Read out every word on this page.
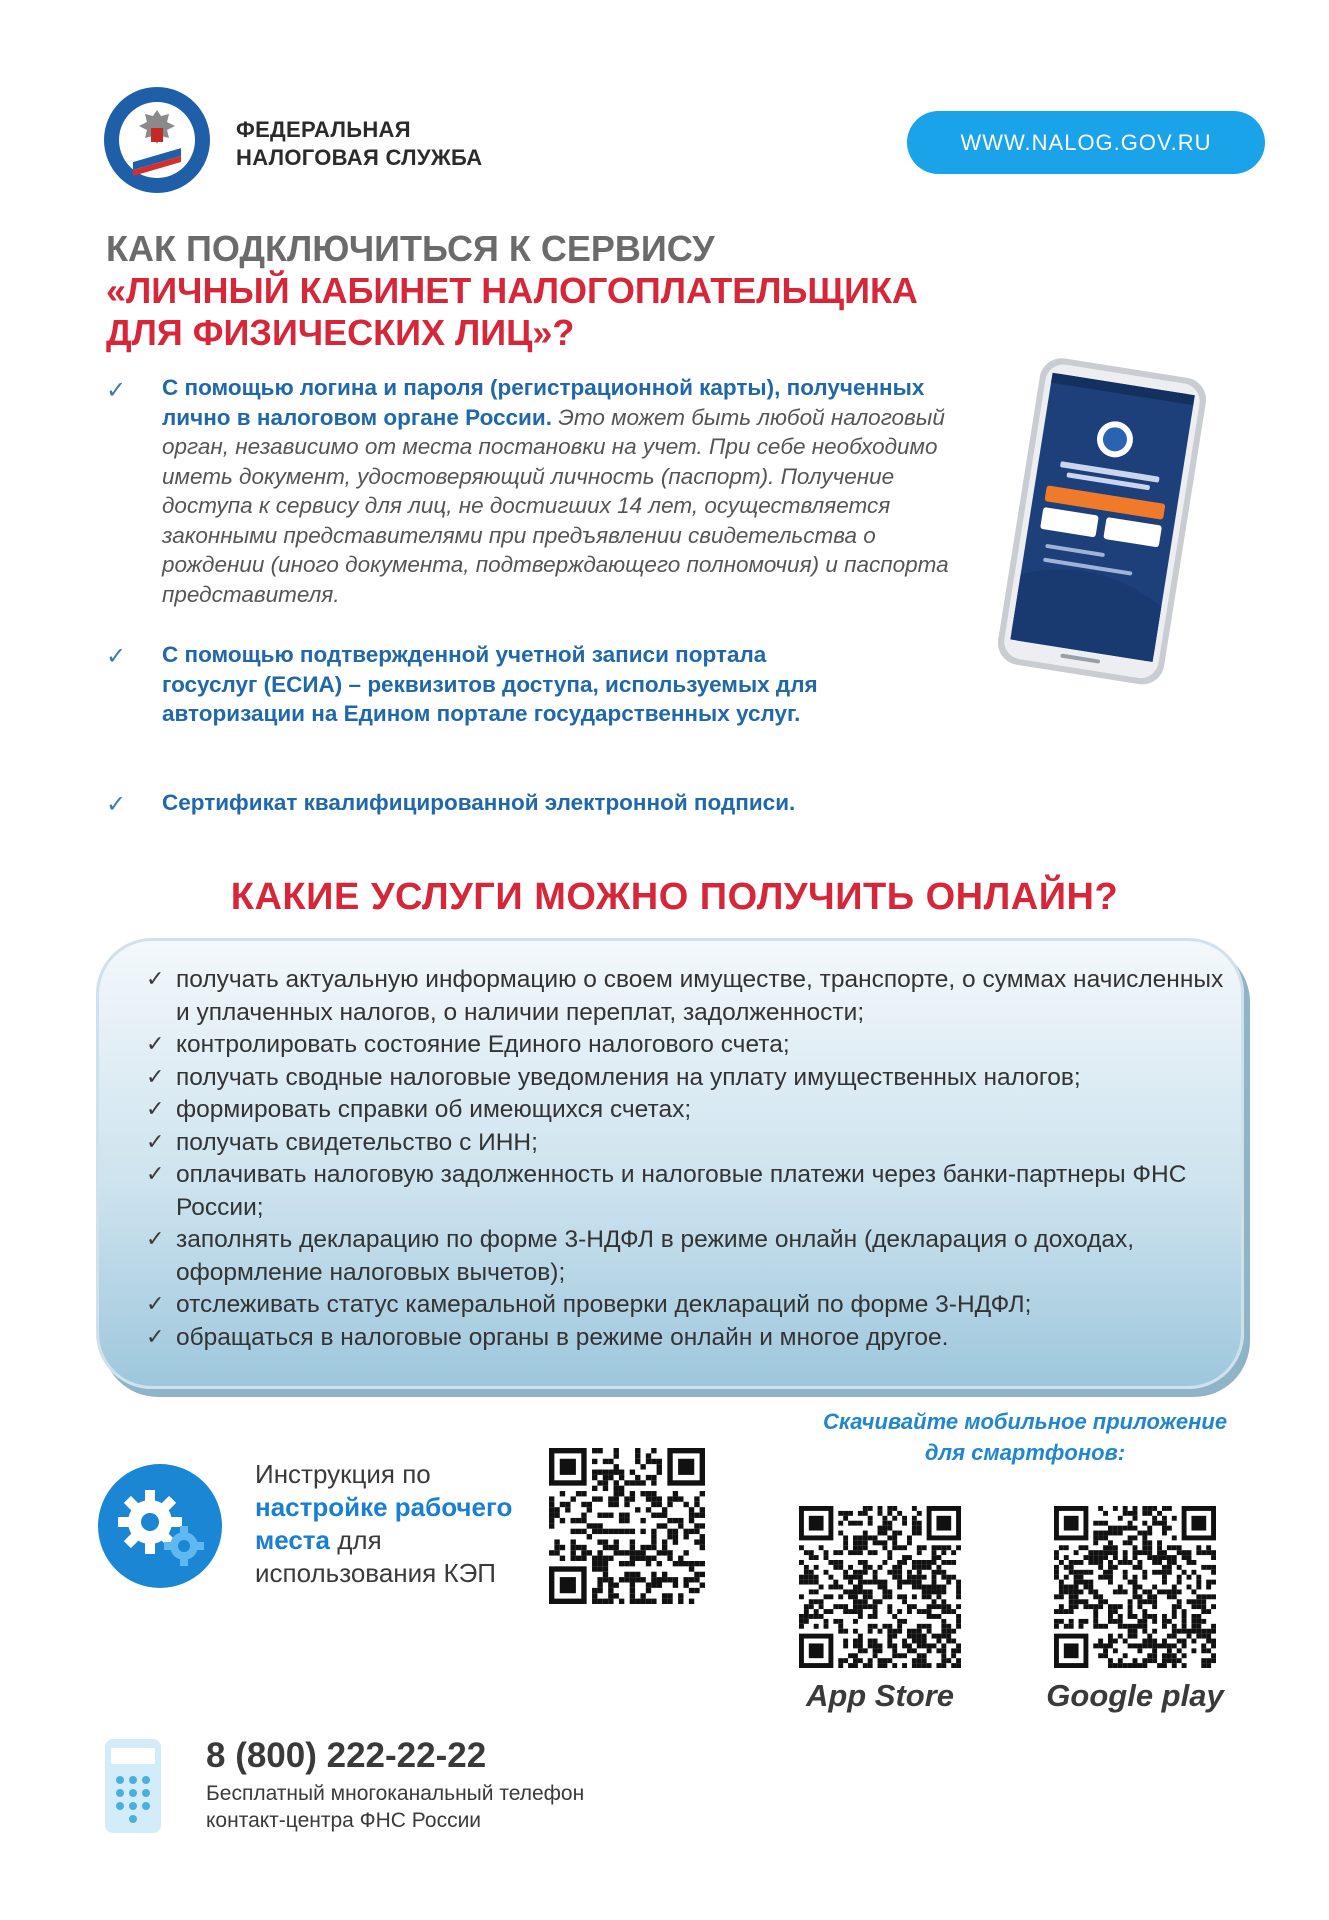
ФЕДЕРАЛЬНАЯ
НАЛОГОВАЯ СЛУЖБА
WWW.NALOG.GOV.RU
КАК ПОДКЛЮЧИТЬСЯ К СЕРВИСУ
«ЛИЧНЫЙ КАБИНЕТ НАЛОГОПЛАТЕЛЬЩИКА
ДЛЯ ФИЗИЧЕСКИХ ЛИЦ»?
✓ С помощью логина и пароля (регистрационной карты), полученных лично в налоговом органе России. Это может быть любой налоговый орган, независимо от места постановки на учет. При себе необходимо иметь документ, удостоверяющий личность (паспорт). Получение доступа к сервису для лиц, не достигших 14 лет, осуществляется законными представителями при предъявлении свидетельства о рождении (иного документа, подтверждающего полномочия) и паспорта представителя.
✓ С помощью подтвержденной учетной записи портала госуслуг (ЕСИА) – реквизитов доступа, используемых для авторизации на Едином портале государственных услуг.
✓ Сертификат квалифицированной электронной подписи.
КАКИЕ УСЛУГИ МОЖНО ПОЛУЧИТЬ ОНЛАЙН?
✓ получать актуальную информацию о своем имуществе, транспорте, о суммах начисленных и уплаченных налогов, о наличии переплат, задолженности;
✓ контролировать состояние Единого налогового счета;
✓ получать сводные налоговые уведомления на уплату имущественных налогов;
✓ формировать справки об имеющихся счетах;
✓ получать свидетельство с ИНН;
✓ оплачивать налоговую задолженность и налоговые платежи через банки-партнеры ФНС России;
✓ заполнять декларацию по форме 3-НДФЛ в режиме онлайн (декларация о доходах, оформление налоговых вычетов);
✓ отслеживать статус камеральной проверки деклараций по форме 3-НДФЛ;
✓ обращаться в налоговые органы в режиме онлайн и многое другое.
Инструкция по настройке рабочего места для использования КЭП
Скачивайте мобильное приложение
для смартфонов:
App Store	Google play
8 (800) 222-22-22
Бесплатный многоканальный телефон
контакт-центра ФНС России
